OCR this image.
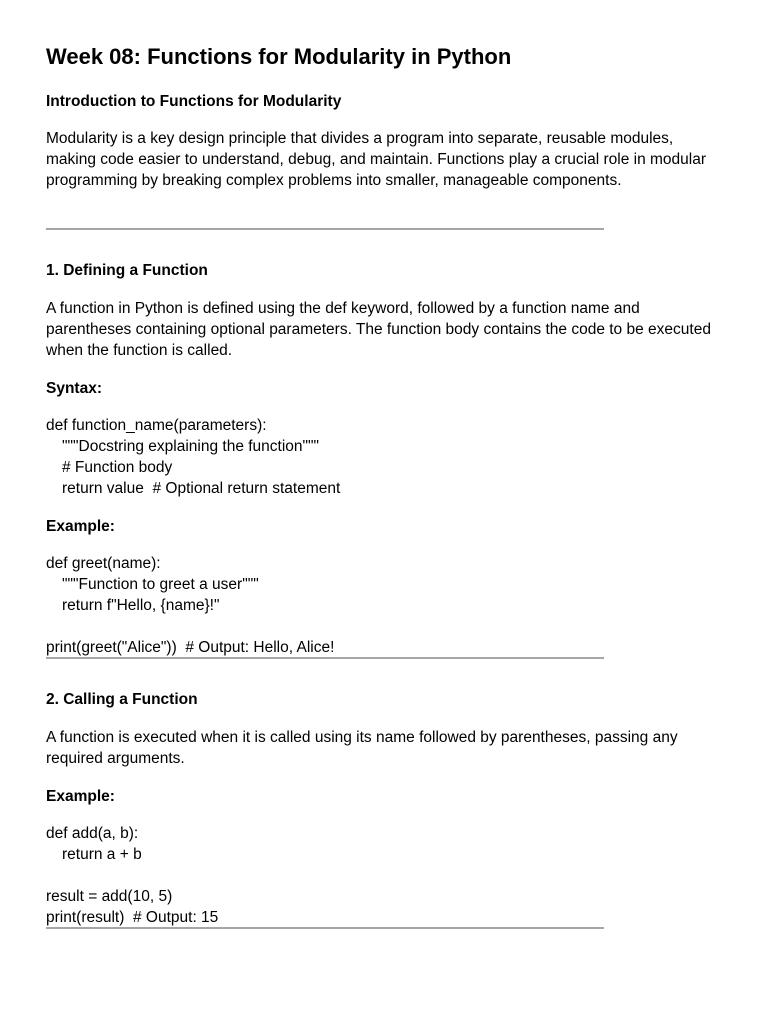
Week 08: Functions for Modularity in Python
Introduction to Functions for Modularity
Modularity is a key design principle that divides a program into separate, reusable modules, making code easier to understand, debug, and maintain. Functions play a crucial role in modular programming by breaking complex problems into smaller, manageable components.
1. Defining a Function
A function in Python is defined using the def keyword, followed by a function name and parentheses containing optional parameters. The function body contains the code to be executed when the function is called.
Syntax:
def function_name(parameters):
"""Docstring explaining the function"""
# Function body
return value  # Optional return statement
Example:
def greet(name):
"""Function to greet a user"""
return f"Hello, {name}!"
print(greet("Alice"))  # Output: Hello, Alice!
2. Calling a Function
A function is executed when it is called using its name followed by parentheses, passing any required arguments.
Example:
def add(a, b):
return a + b
result = add(10, 5)
print(result)  # Output: 15
